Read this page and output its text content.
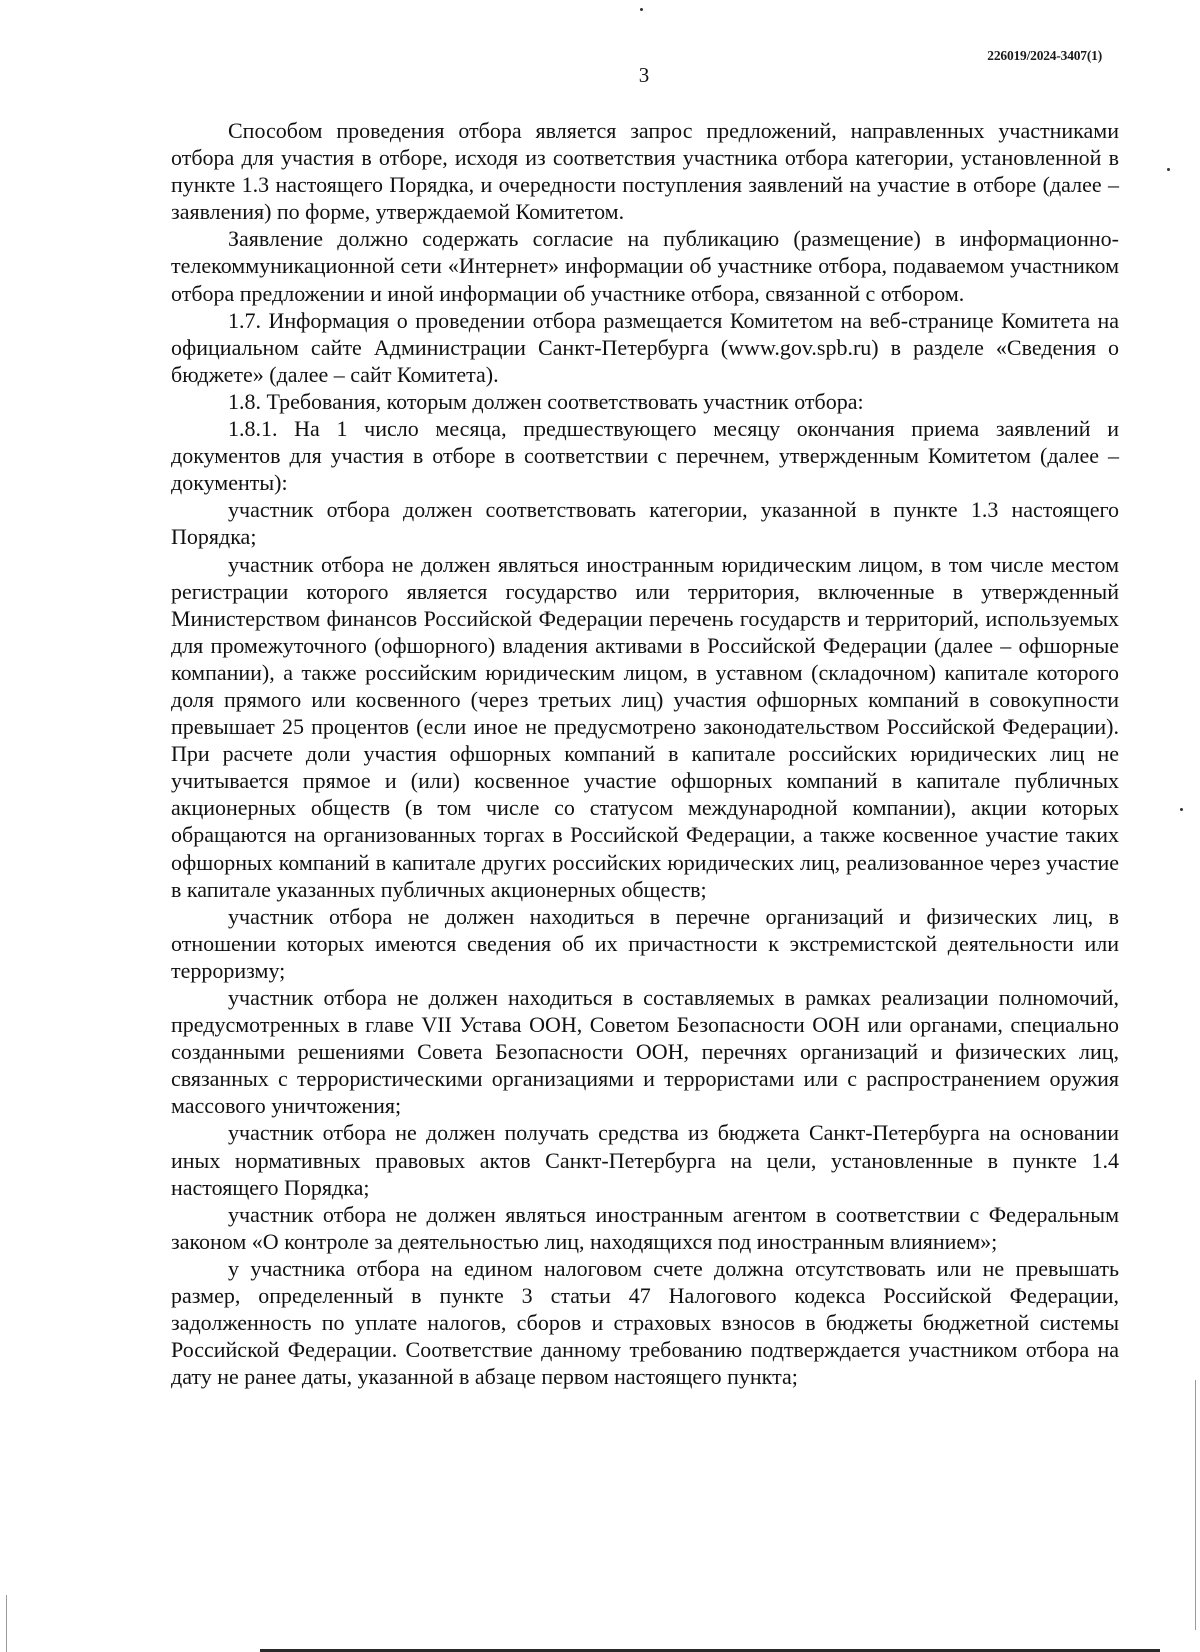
226019/2024-3407(1)
3

Способом проведения отбора является запрос предложений, направленных участниками отбора для участия в отборе, исходя из соответствия участника отбора категории, установленной в пункте 1.3 настоящего Порядка, и очередности поступления заявлений на участие в отборе (далее – заявления) по форме, утверждаемой Комитетом.

Заявление должно содержать согласие на публикацию (размещение) в информационно-телекоммуникационной сети «Интернет» информации об участнике отбора, подаваемом участником отбора предложении и иной информации об участнике отбора, связанной с отбором.

1.7. Информация о проведении отбора размещается Комитетом на веб-странице Комитета на официальном сайте Администрации Санкт-Петербурга (www.gov.spb.ru) в разделе «Сведения о бюджете» (далее – сайт Комитета).

1.8. Требования, которым должен соответствовать участник отбора:

1.8.1. На 1 число месяца, предшествующего месяцу окончания приема заявлений и документов для участия в отборе в соответствии с перечнем, утвержденным Комитетом (далее – документы):

участник отбора должен соответствовать категории, указанной в пункте 1.3 настоящего Порядка;

участник отбора не должен являться иностранным юридическим лицом, в том числе местом регистрации которого является государство или территория, включенные в утвержденный Министерством финансов Российской Федерации перечень государств и территорий, используемых для промежуточного (офшорного) владения активами в Российской Федерации (далее – офшорные компании), а также российским юридическим лицом, в уставном (складочном) капитале которого доля прямого или косвенного (через третьих лиц) участия офшорных компаний в совокупности превышает 25 процентов (если иное не предусмотрено законодательством Российской Федерации). При расчете доли участия офшорных компаний в капитале российских юридических лиц не учитывается прямое и (или) косвенное участие офшорных компаний в капитале публичных акционерных обществ (в том числе со статусом международной компании), акции которых обращаются на организованных торгах в Российской Федерации, а также косвенное участие таких офшорных компаний в капитале других российских юридических лиц, реализованное через участие в капитале указанных публичных акционерных обществ;

участник отбора не должен находиться в перечне организаций и физических лиц, в отношении которых имеются сведения об их причастности к экстремистской деятельности или терроризму;

участник отбора не должен находиться в составляемых в рамках реализации полномочий, предусмотренных в главе VII Устава ООН, Советом Безопасности ООН или органами, специально созданными решениями Совета Безопасности ООН, перечнях организаций и физических лиц, связанных с террористическими организациями и террористами или с распространением оружия массового уничтожения;

участник отбора не должен получать средства из бюджета Санкт-Петербурга на основании иных нормативных правовых актов Санкт-Петербурга на цели, установленные в пункте 1.4 настоящего Порядка;

участник отбора не должен являться иностранным агентом в соответствии с Федеральным законом «О контроле за деятельностью лиц, находящихся под иностранным влиянием»;

у участника отбора на едином налоговом счете должна отсутствовать или не превышать размер, определенный в пункте 3 статьи 47 Налогового кодекса Российской Федерации, задолженность по уплате налогов, сборов и страховых взносов в бюджеты бюджетной системы Российской Федерации. Соответствие данному требованию подтверждается участником отбора на дату не ранее даты, указанной в абзаце первом настоящего пункта;
